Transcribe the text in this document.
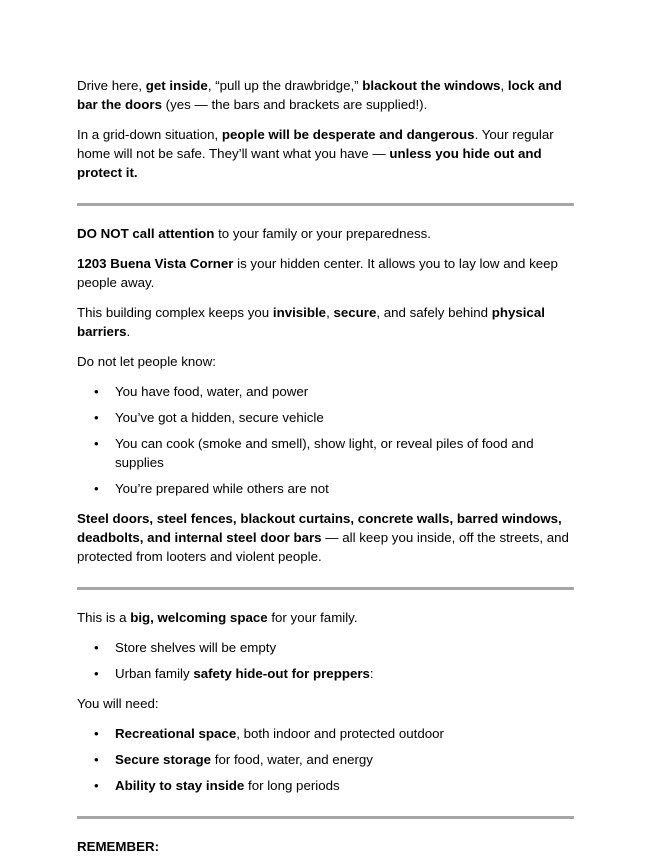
Drive here, get inside, “pull up the drawbridge,” blackout the windows, lock and bar the doors (yes — the bars and brackets are supplied!).

In a grid-down situation, people will be desperate and dangerous. Your regular home will not be safe. They’ll want what you have — unless you hide out and protect it.

DO NOT call attention to your family or your preparedness.

1203 Buena Vista Corner is your hidden center. It allows you to lay low and keep people away.

This building complex keeps you invisible, secure, and safely behind physical barriers.

Do not let people know:

• You have food, water, and power
• You’ve got a hidden, secure vehicle
• You can cook (smoke and smell), show light, or reveal piles of food and supplies
• You’re prepared while others are not

Steel doors, steel fences, blackout curtains, concrete walls, barred windows, deadbolts, and internal steel door bars — all keep you inside, off the streets, and protected from looters and violent people.

This is a big, welcoming space for your family.

• Store shelves will be empty
• Urban family safety hide-out for preppers:

You will need:

• Recreational space, both indoor and protected outdoor
• Secure storage for food, water, and energy
• Ability to stay inside for long periods

REMEMBER:
